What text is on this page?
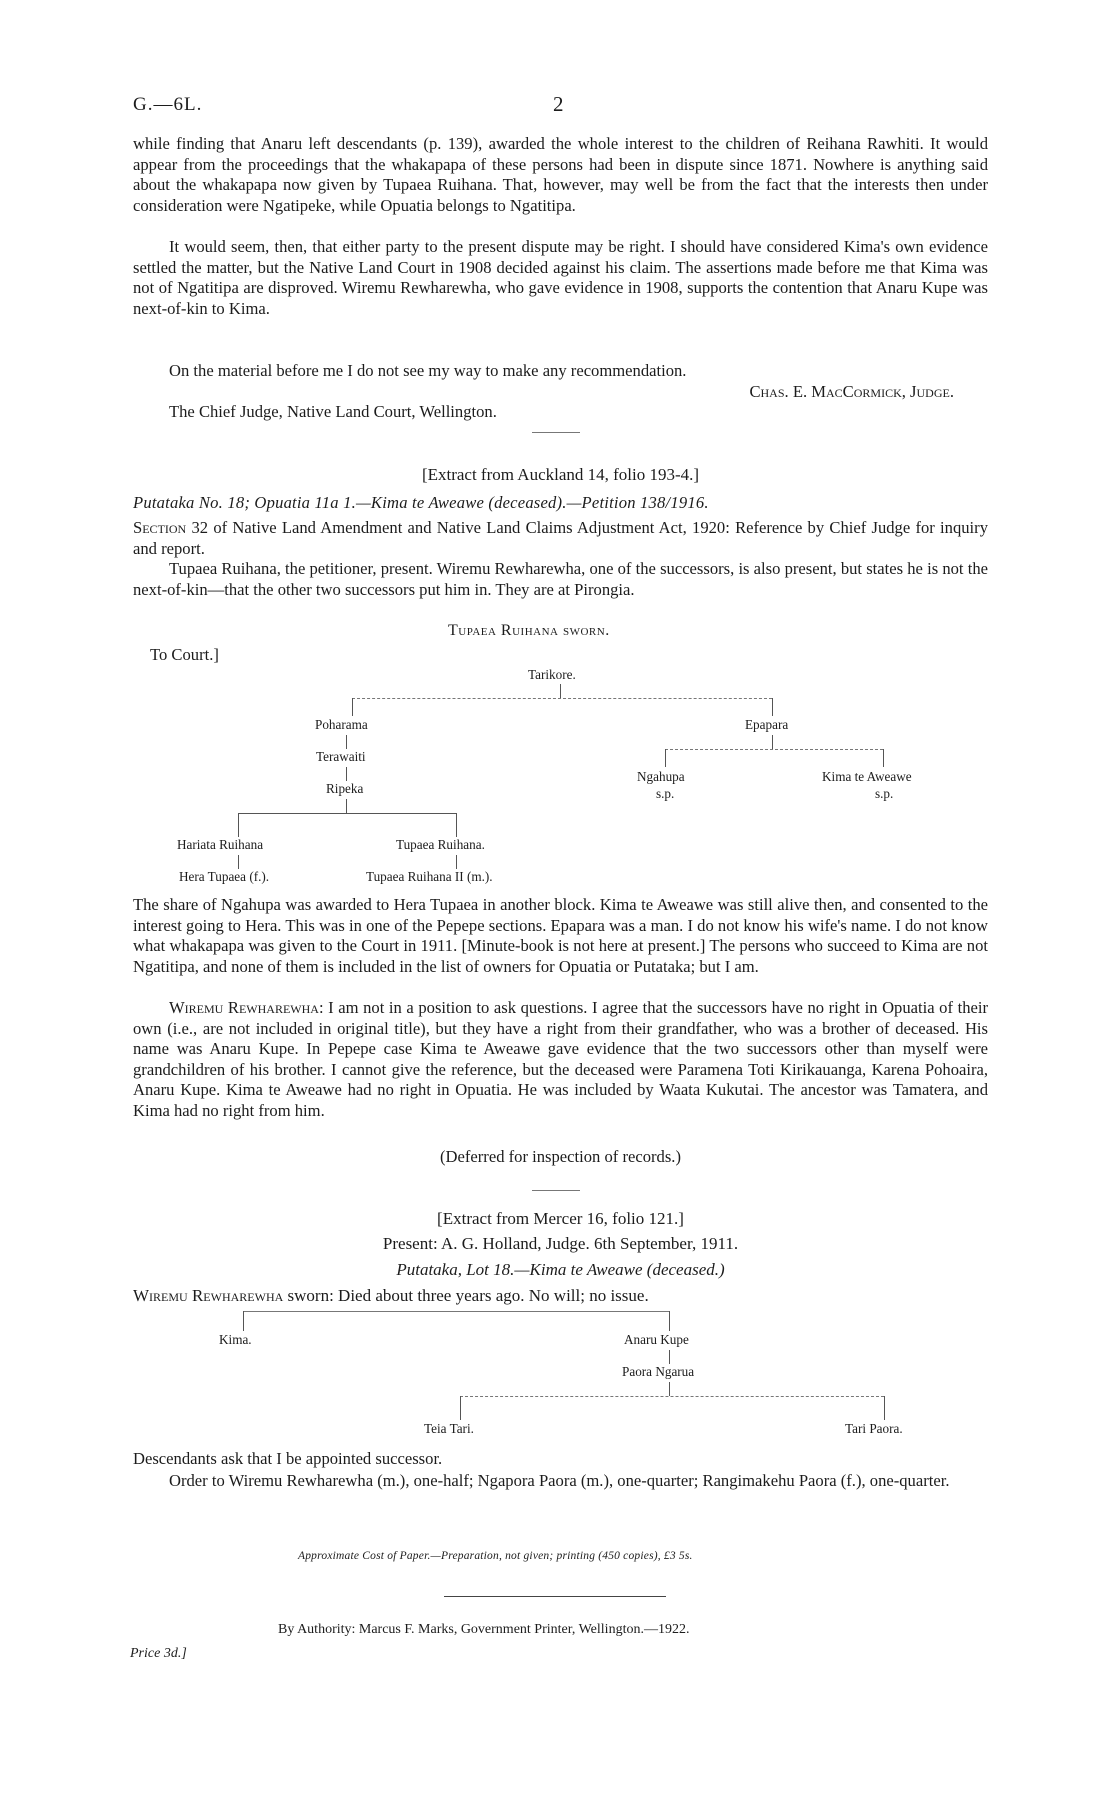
G.—6L.	2
while finding that Anaru left descendants (p. 139), awarded the whole interest to the children of Reihana Rawhiti. It would appear from the proceedings that the whakapapa of these persons had been in dispute since 1871. Nowhere is anything said about the whakapapa now given by Tupaea Ruihana. That, however, may well be from the fact that the interests then under consideration were Ngatipeke, while Opuatia belongs to Ngatitipa.
It would seem, then, that either party to the present dispute may be right. I should have considered Kima's own evidence settled the matter, but the Native Land Court in 1908 decided against his claim. The assertions made before me that Kima was not of Ngatitipa are disproved. Wiremu Rewharewha, who gave evidence in 1908, supports the contention that Anaru Kupe was next-of-kin to Kima.
On the material before me I do not see my way to make any recommendation.
Chas. E. MacCormick, Judge.
The Chief Judge, Native Land Court, Wellington.
[Extract from Auckland 14, folio 193-4.]
Putataka No. 18; Opuatia 11a 1.—Kima te Aweawe (deceased).—Petition 138/1916.
Section 32 of Native Land Amendment and Native Land Claims Adjustment Act, 1920: Reference by Chief Judge for inquiry and report.
Tupaea Ruihana, the petitioner, present. Wiremu Rewharewha, one of the successors, is also present, but states he is not the next-of-kin—that the other two successors put him in. They are at Pirongia.
Tupaea Ruihana sworn.
To Court.]
Tarikore.
Poharama
Terawaiti
Ripeka
Hariata Ruihana	Tupaea Ruihana.
Hera Tupaea (f.).	Tupaea Ruihana II (m.).
Epapara
Ngahupa
s.p.
Kima te Aweawe
s.p.
The share of Ngahupa was awarded to Hera Tupaea in another block. Kima te Aweawe was still alive then, and consented to the interest going to Hera. This was in one of the Pepepe sections. Epapara was a man. I do not know his wife's name. I do not know what whakapapa was given to the Court in 1911. [Minute-book is not here at present.] The persons who succeed to Kima are not Ngatitipa, and none of them is included in the list of owners for Opuatia or Putataka; but I am.
Wiremu Rewharewha: I am not in a position to ask questions. I agree that the successors have no right in Opuatia of their own (i.e., are not included in original title), but they have a right from their grandfather, who was a brother of deceased. His name was Anaru Kupe. In Pepepe case Kima te Aweawe gave evidence that the two successors other than myself were grandchildren of his brother. I cannot give the reference, but the deceased were Paramena Toti Kirikauanga, Karena Pohoaira, Anaru Kupe. Kima te Aweawe had no right in Opuatia. He was included by Waata Kukutai. The ancestor was Tamatera, and Kima had no right from him.
(Deferred for inspection of records.)
[Extract from Mercer 16, folio 121.]
Present: A. G. Holland, Judge. 6th September, 1911.
Putataka, Lot 18.—Kima te Aweawe (deceased.)
Wiremu Rewharewha sworn: Died about three years ago. No will; no issue.
Kima.	Anaru Kupe
Paora Ngarua
Teia Tari.	Tari Paora.
Descendants ask that I be appointed successor.
Order to Wiremu Rewharewha (m.), one-half; Ngapora Paora (m.), one-quarter; Rangimakehu Paora (f.), one-quarter.
Approximate Cost of Paper.—Preparation, not given; printing (450 copies), £3 5s.
By Authority: Marcus F. Marks, Government Printer, Wellington.—1922.
Price 3d.]
